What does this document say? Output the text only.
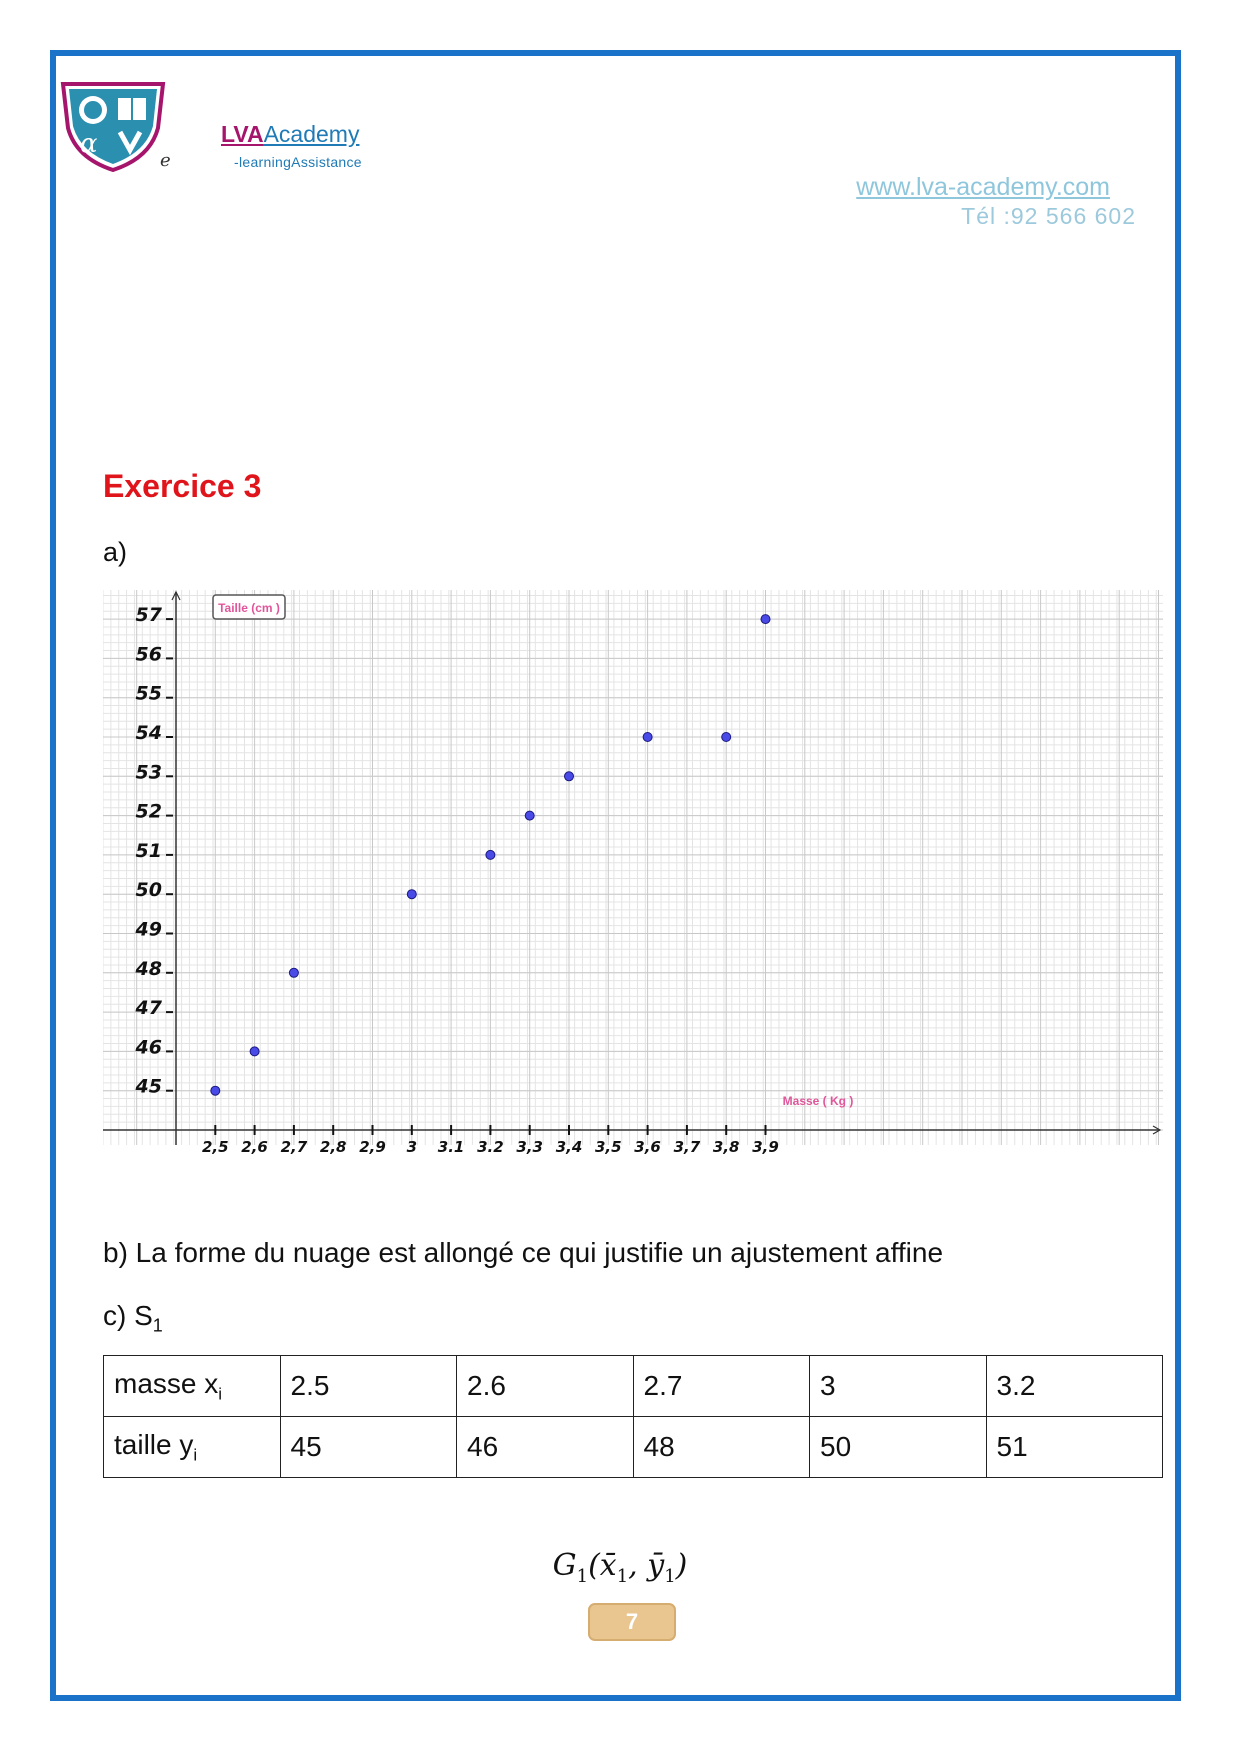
α
e
LVAAcademy
-learningAssistance
www.lva-academy.com
Tél :92 566 602
Exercice 3
a)
2,5 2,6 2,7 2,8 2,9 3 3.1 3.2 3,3 3,4 3,5 3,6 3,7 3,8 3,9
45
46
47
48
49
50
51
52
53
54
55
56
57	Taille (cm )
Masse ( Kg )
b) La forme du nuage est allongé ce qui justifie un ajustement affine
c) $S_1$
masse $x_i$	2.5	2.6	2.7	3	3.2
taille $y_i$	45	46	48	50	51
$G_1(x̄_1$, $ȳ_1$)
7
